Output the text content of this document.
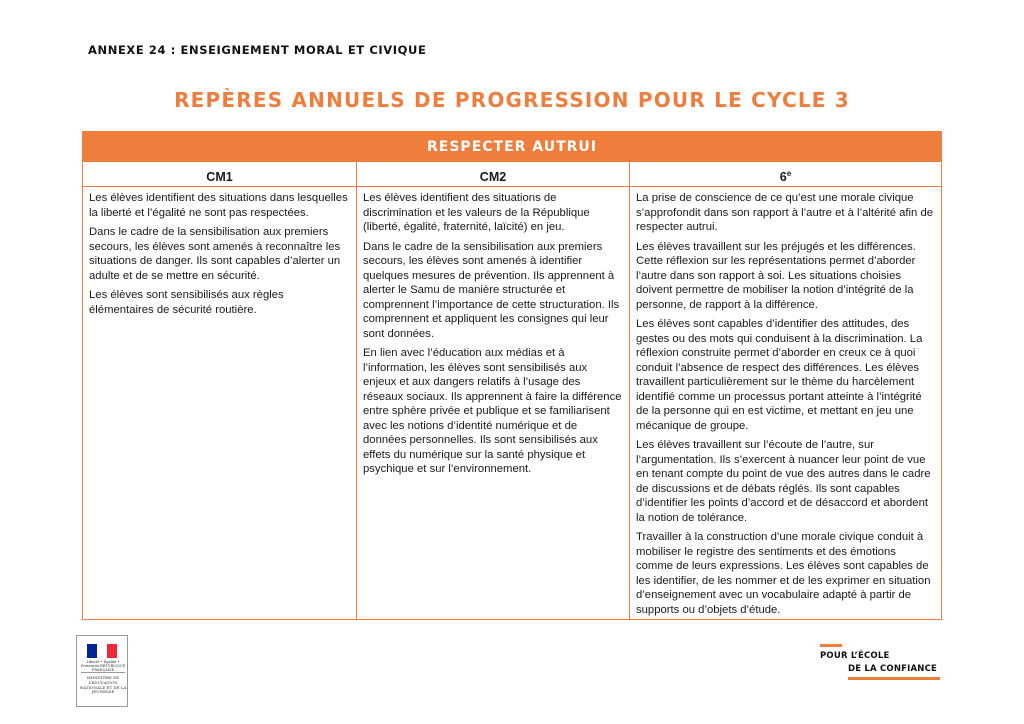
ANNEXE 24 : ENSEIGNEMENT MORAL ET CIVIQUE
REPÈRES ANNUELS DE PROGRESSION POUR LE CYCLE 3
RESPECTER AUTRUI
CM1	CM2	6e

Les élèves identifient des situations dans lesquelles la liberté et l’égalité ne sont pas respectées.

Dans le cadre de la sensibilisation aux premiers secours, les élèves sont amenés à reconnaître les situations de danger. Ils sont capables d’alerter un adulte et de se mettre en sécurité.

Les élèves sont sensibilisés aux règles élémentaires de sécurité routière.

Les élèves identifient des situations de discrimination et les valeurs de la République (liberté, égalité, fraternité, laïcité) en jeu.

Dans le cadre de la sensibilisation aux premiers secours, les élèves sont amenés à identifier quelques mesures de prévention. Ils apprennent à alerter le Samu de manière structurée et comprennent l’importance de cette structuration. Ils comprennent et appliquent les consignes qui leur sont données.

En lien avec l’éducation aux médias et à l’information, les élèves sont sensibilisés aux enjeux et aux dangers relatifs à l’usage des réseaux sociaux. Ils apprennent à faire la différence entre sphère privée et publique et se familiarisent avec les notions d’identité numérique et de données personnelles. Ils sont sensibilisés aux effets du numérique sur la santé physique et psychique et sur l’environnement.

La prise de conscience de ce qu’est une morale civique s’approfondit dans son rapport à l’autre et à l’altérité afin de respecter autrui.

Les élèves travaillent sur les préjugés et les différences. Cette réflexion sur les représentations permet d’aborder l’autre dans son rapport à soi. Les situations choisies doivent permettre de mobiliser la notion d’intégrité de la personne, de rapport à la différence.

Les élèves sont capables d’identifier des attitudes, des gestes ou des mots qui conduisent à la discrimination. La réflexion construite permet d’aborder en creux ce à quoi conduit l’absence de respect des différences. Les élèves travaillent particulièrement sur le thème du harcèlement identifié comme un processus portant atteinte à l’intégrité de la personne qui en est victime, et mettant en jeu une mécanique de groupe.

Les élèves travaillent sur l’écoute de l’autre, sur l’argumentation. Ils s’exercent à nuancer leur point de vue en tenant compte du point de vue des autres dans le cadre de discussions et de débats réglés. Ils sont capables d’identifier les points d’accord et de désaccord et abordent la notion de tolérance.

Travailler à la construction d’une morale civique conduit à mobiliser le registre des sentiments et des émotions comme de leurs expressions. Les élèves sont capables de les identifier, de les nommer et de les exprimer en situation d’enseignement avec un vocabulaire adapté à partir de supports ou d’objets d’étude.

Liberté • Égalité • Fraternité RÉPUBLIQUE FRANÇAISE
MINISTÈRE DE L’ÉDUCATION NATIONALE ET DE LA JEUNESSE
POUR L’ÉCOLE
DE LA CONFIANCE
